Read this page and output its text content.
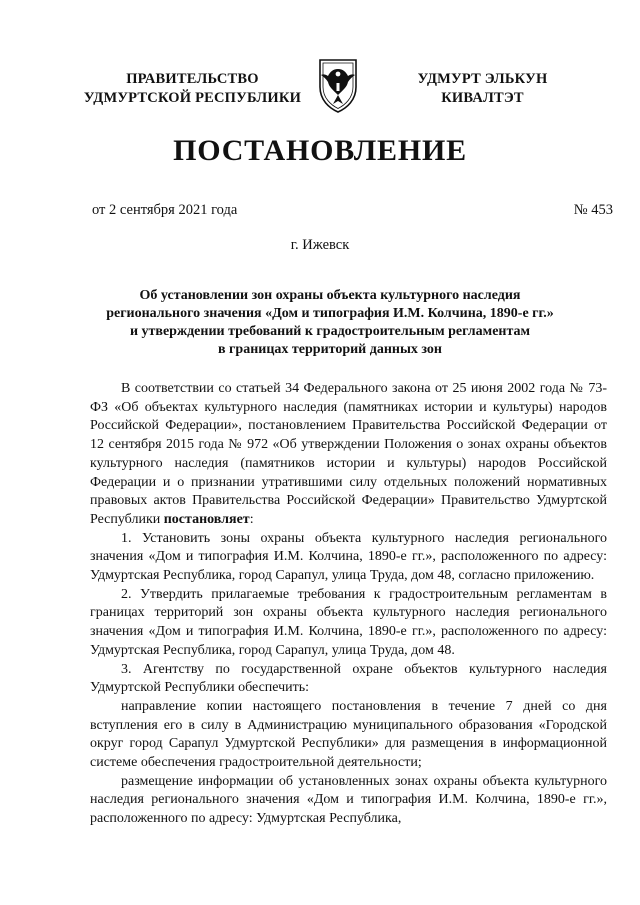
ПРАВИТЕЛЬСТВО
УДМУРТСКОЙ РЕСПУБЛИКИ
УДМУРТ ЭЛЬКУН
КИВАЛТЭТ
ПОСТАНОВЛЕНИЕ
от 2 сентября 2021 года	№ 453
г. Ижевск
Об установлении зон охраны объекта культурного наследия
регионального значения «Дом и типография И.М. Колчина, 1890-е гг.»
и утверждении требований к градостроительным регламентам
в границах территорий данных зон

В соответствии со статьей 34 Федерального закона от 25 июня 2002 года № 73-ФЗ «Об объектах культурного наследия (памятниках истории и культуры) народов Российской Федерации», постановлением Правительства Российской Федерации от 12 сентября 2015 года № 972 «Об утверждении Положения о зонах охраны объектов культурного наследия (памятников истории и культуры) народов Российской Федерации и о признании утратившими силу отдельных положений нормативных правовых актов Правительства Российской Федерации» Правительство Удмуртской Республики постановляет:

1. Установить зоны охраны объекта культурного наследия регионального значения «Дом и типография И.М. Колчина, 1890-е гг.», расположенного по адресу: Удмуртская Республика, город Сарапул, улица Труда, дом 48, согласно приложению.

2. Утвердить прилагаемые требования к градостроительным регламентам в границах территорий зон охраны объекта культурного наследия регионального значения «Дом и типография И.М. Колчина, 1890-е гг.», расположенного по адресу: Удмуртская Республика, город Сарапул, улица Труда, дом 48.

3. Агентству по государственной охране объектов культурного наследия Удмуртской Республики обеспечить:

направление копии настоящего постановления в течение 7 дней со дня вступления его в силу в Администрацию муниципального образования «Городской округ город Сарапул Удмуртской Республики» для размещения в информационной системе обеспечения градостроительной деятельности;

размещение информации об установленных зонах охраны объекта культурного наследия регионального значения «Дом и типография И.М. Колчина, 1890-е гг.», расположенного по адресу: Удмуртская Республика,
